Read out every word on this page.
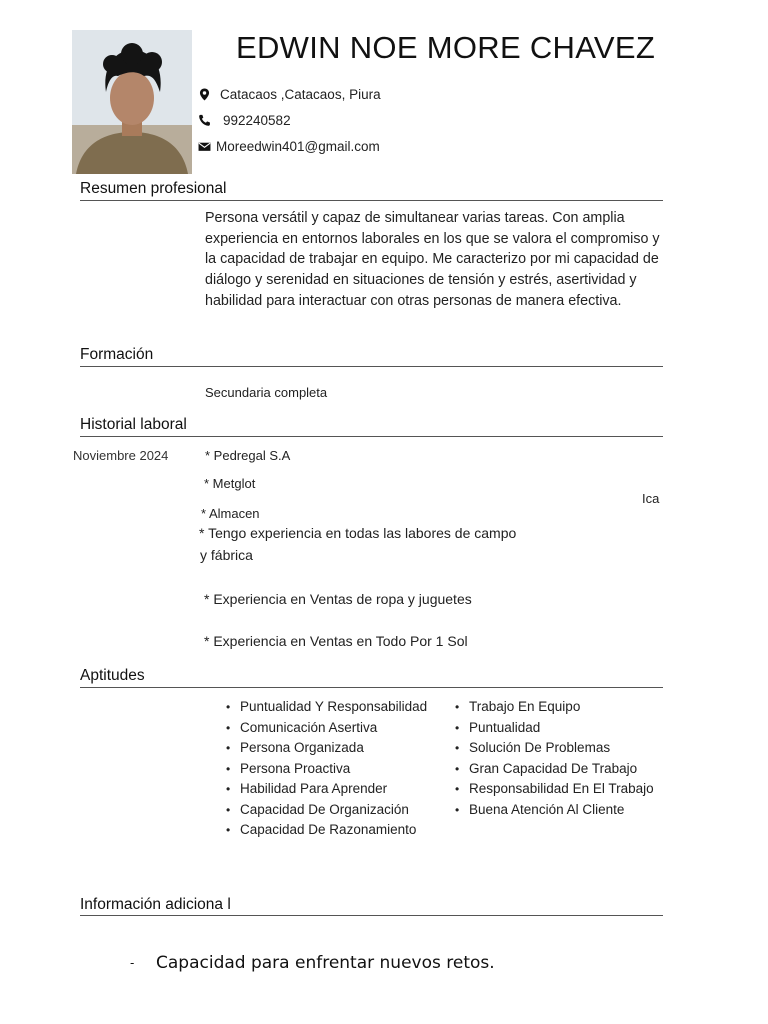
EDWIN NOE MORE CHAVEZ
Catacaos ,Catacaos, Piura
992240582
Moreedwin401@gmail.com
Resumen profesional
Persona versátil y capaz de simultanear varias tareas. Con amplia experiencia en entornos laborales en los que se valora el compromiso y la capacidad de trabajar en equipo. Me caracterizo por mi capacidad de diálogo y serenidad en situaciones de tensión y estrés, asertividad y habilidad para interactuar con otras personas de manera efectiva.
Formación
Secundaria completa
Historial laboral
Noviembre 2024	* Pedregal S.A
* Metglot
Ica
* Almacen
* Tengo experiencia en todas las labores de campo
y fábrica
* Experiencia en Ventas de ropa y juguetes
* Experiencia en Ventas en Todo Por 1 Sol
Aptitudes
• Puntualidad Y Responsabilidad
• Comunicación Asertiva
• Persona Organizada
• Persona Proactiva
• Habilidad Para Aprender
• Capacidad De Organización
• Capacidad De Razonamiento
• Trabajo En Equipo
• Puntualidad
• Solución De Problemas
• Gran Capacidad De Trabajo
• Responsabilidad En El Trabajo
• Buena Atención Al Cliente
Información adiciona l
- Capacidad para enfrentar nuevos retos.
